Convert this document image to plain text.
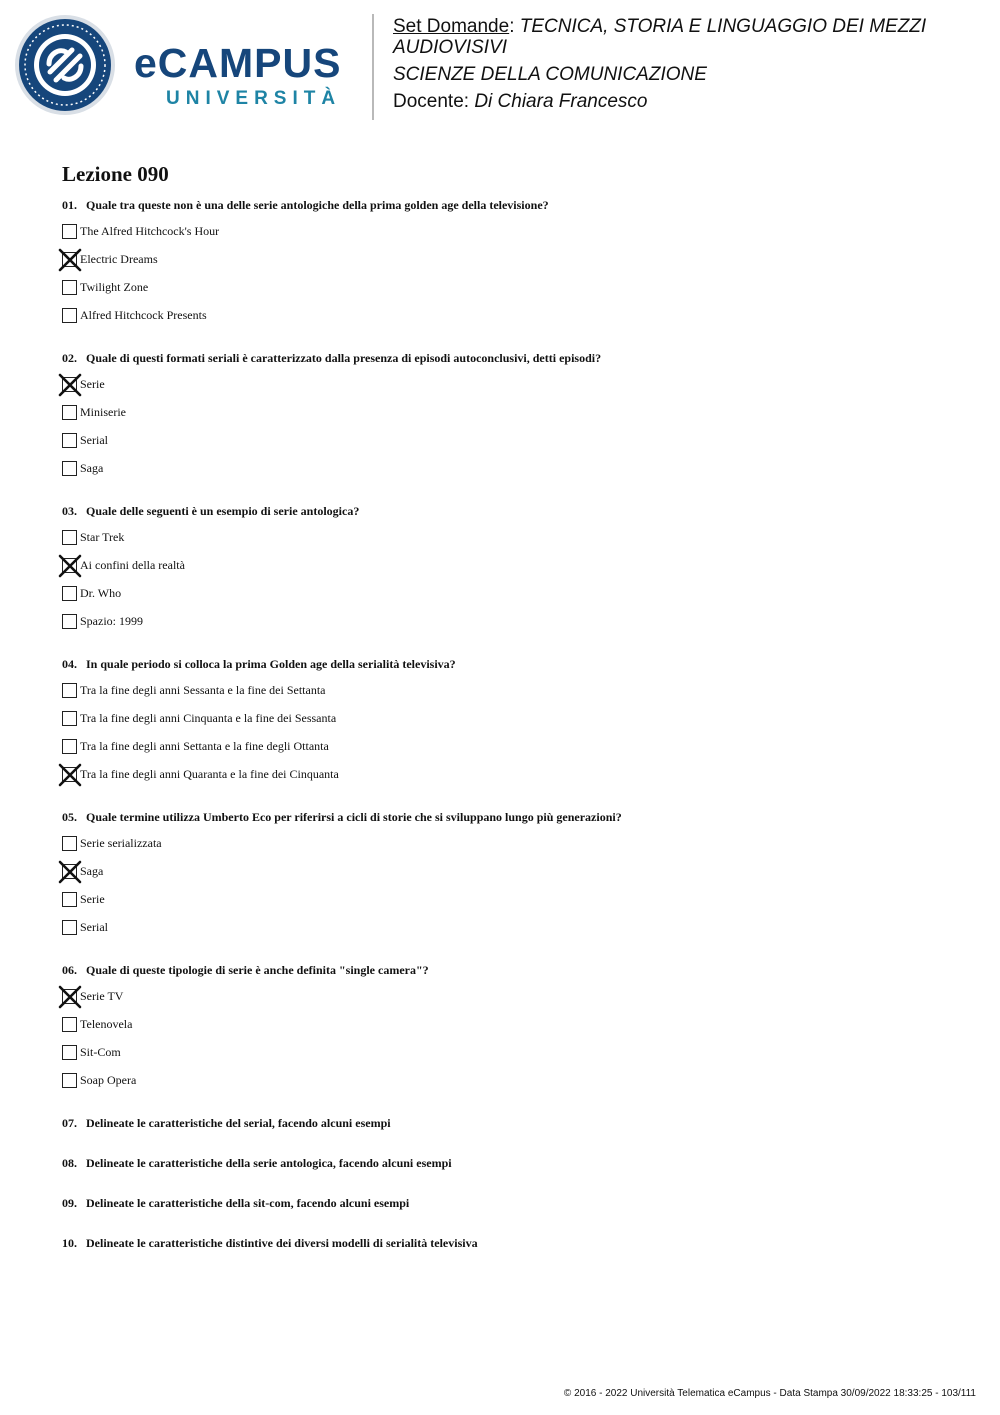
eCAMPUS
UNIVERSITÀ
Set Domande: TECNICA, STORIA E LINGUAGGIO DEI MEZZI AUDIOVISIVI
SCIENZE DELLA COMUNICAZIONE
Docente: Di Chiara Francesco
Lezione 090
01. Quale tra queste non è una delle serie antologiche della prima golden age della televisione?
The Alfred Hitchcock's Hour
Electric Dreams
Twilight Zone
Alfred Hitchcock Presents
02. Quale di questi formati seriali è caratterizzato dalla presenza di episodi autoconclusivi, detti episodi?
Serie
Miniserie
Serial
Saga
03. Quale delle seguenti è un esempio di serie antologica?
Star Trek
Ai confini della realtà
Dr. Who
Spazio: 1999
04. In quale periodo si colloca la prima Golden age della serialità televisiva?
Tra la fine degli anni Sessanta e la fine dei Settanta
Tra la fine degli anni Cinquanta e la fine dei Sessanta
Tra la fine degli anni Settanta e la fine degli Ottanta
Tra la fine degli anni Quaranta e la fine dei Cinquanta
05. Quale termine utilizza Umberto Eco per riferirsi a cicli di storie che si sviluppano lungo più generazioni?
Serie serializzata
Saga
Serie
Serial
06. Quale di queste tipologie di serie è anche definita "single camera"?
Serie TV
Telenovela
Sit-Com
Soap Opera
07. Delineate le caratteristiche del serial, facendo alcuni esempi
08. Delineate le caratteristiche della serie antologica, facendo alcuni esempi
09. Delineate le caratteristiche della sit-com, facendo alcuni esempi
10. Delineate le caratteristiche distintive dei diversi modelli di serialità televisiva
© 2016 - 2022 Università Telematica eCampus - Data Stampa 30/09/2022 18:33:25 - 103/111
